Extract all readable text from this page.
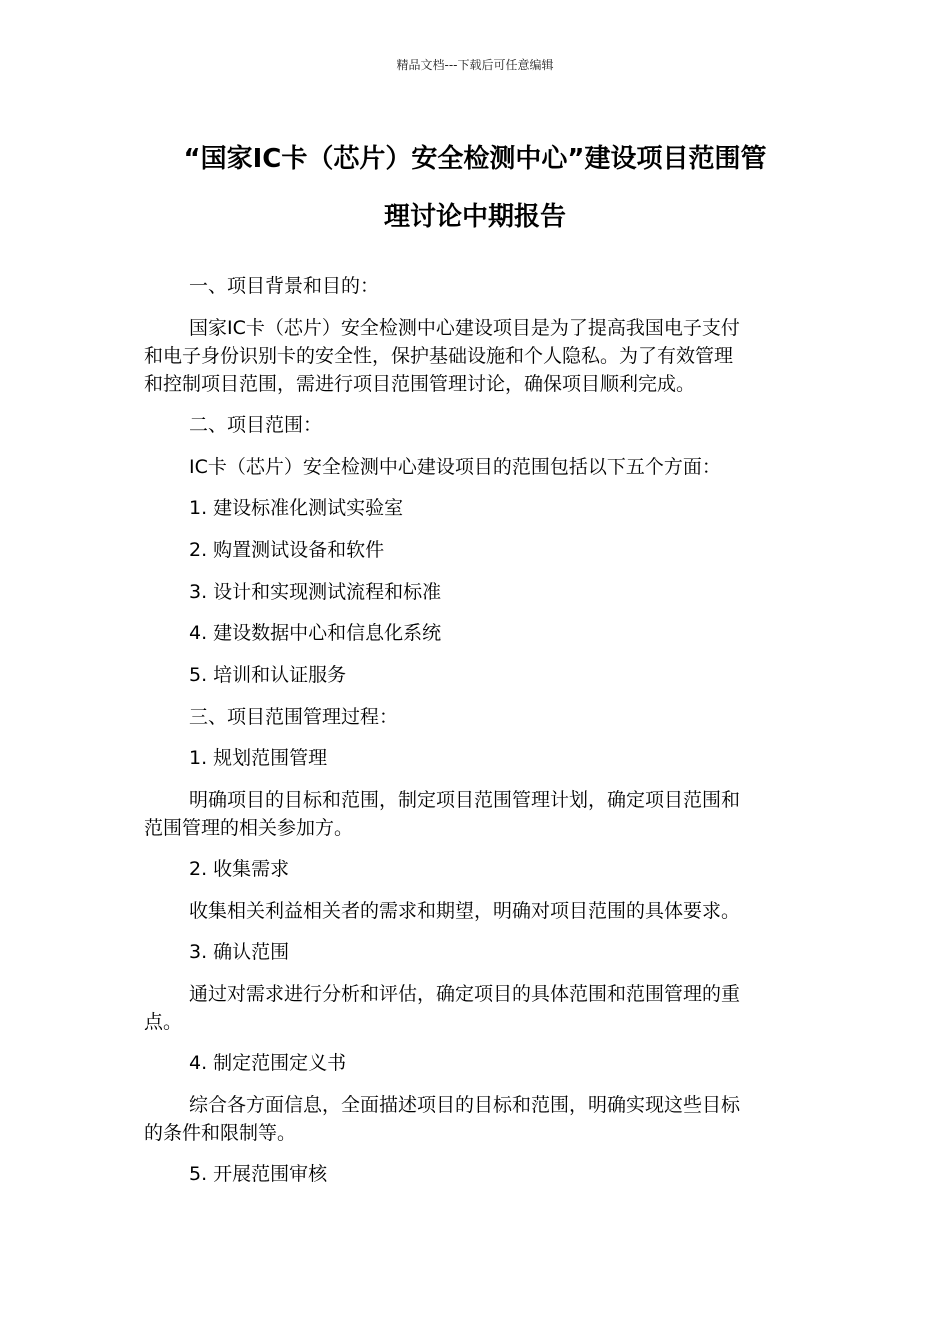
精品文档---下载后可任意编辑
“国家IC卡（芯片）安全检测中心”建设项目范围管
理讨论中期报告
一、项目背景和目的：
国家IC卡（芯片）安全检测中心建设项目是为了提高我国电子支付
和电子身份识别卡的安全性，保护基础设施和个人隐私。为了有效管理
和控制项目范围，需进行项目范围管理讨论，确保项目顺利完成。
二、项目范围：
IC卡（芯片）安全检测中心建设项目的范围包括以下五个方面：
1. 建设标准化测试实验室
2. 购置测试设备和软件
3. 设计和实现测试流程和标准
4. 建设数据中心和信息化系统
5. 培训和认证服务
三、项目范围管理过程：
1. 规划范围管理
明确项目的目标和范围，制定项目范围管理计划，确定项目范围和
范围管理的相关参加方。
2. 收集需求
收集相关利益相关者的需求和期望，明确对项目范围的具体要求。
3. 确认范围
通过对需求进行分析和评估，确定项目的具体范围和范围管理的重
点。
4. 制定范围定义书
综合各方面信息，全面描述项目的目标和范围，明确实现这些目标
的条件和限制等。
5. 开展范围审核
